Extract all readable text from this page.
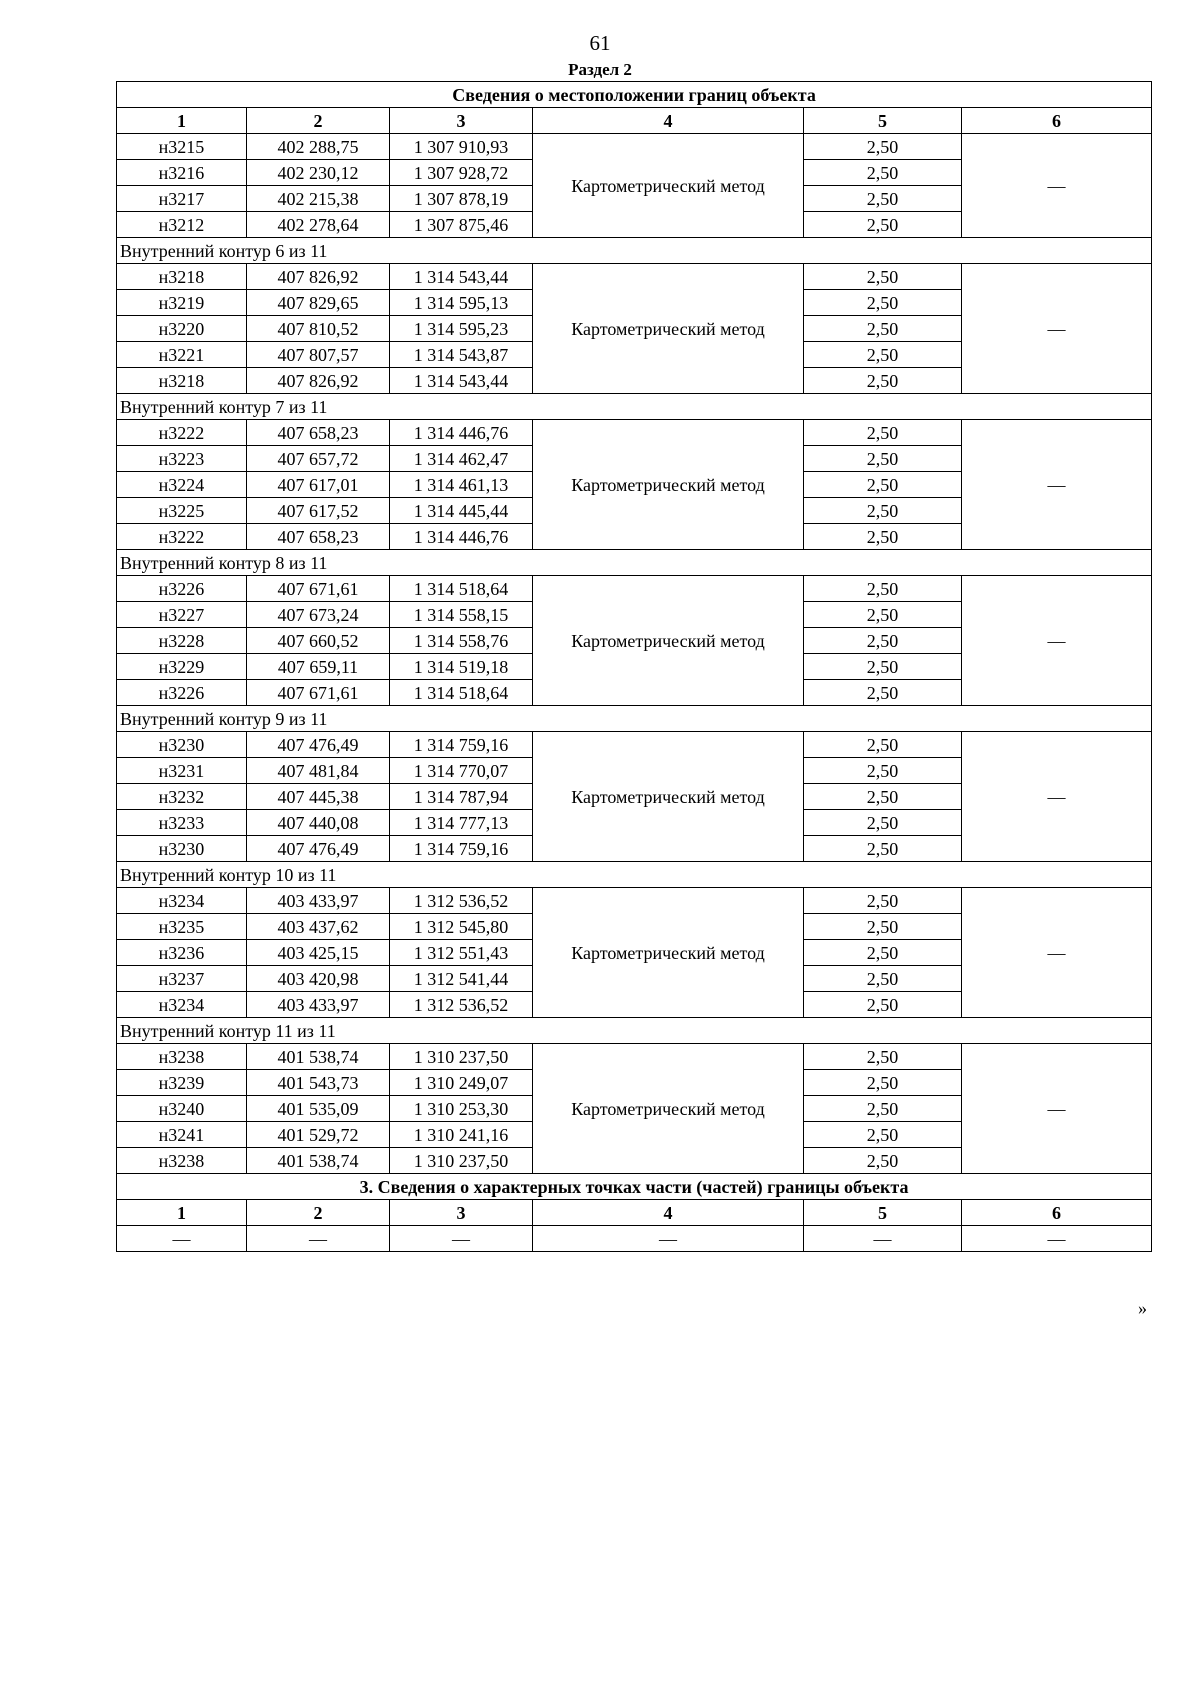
61
Раздел 2
Сведения о местоположении границ объекта					
1	2	3	4	5	6
н3215	402 288,75	1 307 910,93	Картометрический метод	2,50	—
н3216	402 230,12	1 307 928,72		2,50	
н3217	402 215,38	1 307 878,19		2,50	
н3212	402 278,64	1 307 875,46		2,50	
Внутренний контур 6 из 11					
н3218	407 826,92	1 314 543,44	Картометрический метод	2,50	—
н3219	407 829,65	1 314 595,13		2,50	
н3220	407 810,52	1 314 595,23		2,50	
н3221	407 807,57	1 314 543,87		2,50	
н3218	407 826,92	1 314 543,44		2,50	
Внутренний контур 7 из 11					
н3222	407 658,23	1 314 446,76	Картометрический метод	2,50	—
н3223	407 657,72	1 314 462,47		2,50	
н3224	407 617,01	1 314 461,13		2,50	
н3225	407 617,52	1 314 445,44		2,50	
н3222	407 658,23	1 314 446,76		2,50	
Внутренний контур 8 из 11					
н3226	407 671,61	1 314 518,64	Картометрический метод	2,50	—
н3227	407 673,24	1 314 558,15		2,50	
н3228	407 660,52	1 314 558,76		2,50	
н3229	407 659,11	1 314 519,18		2,50	
н3226	407 671,61	1 314 518,64		2,50	
Внутренний контур 9 из 11					
н3230	407 476,49	1 314 759,16	Картометрический метод	2,50	—
н3231	407 481,84	1 314 770,07		2,50	
н3232	407 445,38	1 314 787,94		2,50	
н3233	407 440,08	1 314 777,13		2,50	
н3230	407 476,49	1 314 759,16		2,50	
Внутренний контур 10 из 11					
н3234	403 433,97	1 312 536,52	Картометрический метод	2,50	—
н3235	403 437,62	1 312 545,80		2,50	
н3236	403 425,15	1 312 551,43		2,50	
н3237	403 420,98	1 312 541,44		2,50	
н3234	403 433,97	1 312 536,52		2,50	
Внутренний контур 11 из 11					
н3238	401 538,74	1 310 237,50	Картометрический метод	2,50	—
н3239	401 543,73	1 310 249,07		2,50	
н3240	401 535,09	1 310 253,30		2,50	
н3241	401 529,72	1 310 241,16		2,50	
н3238	401 538,74	1 310 237,50		2,50	
3. Сведения о характерных точках части (частей) границы объекта					
1	2	3	4	5	6
—	—	—	—	—	—
»
